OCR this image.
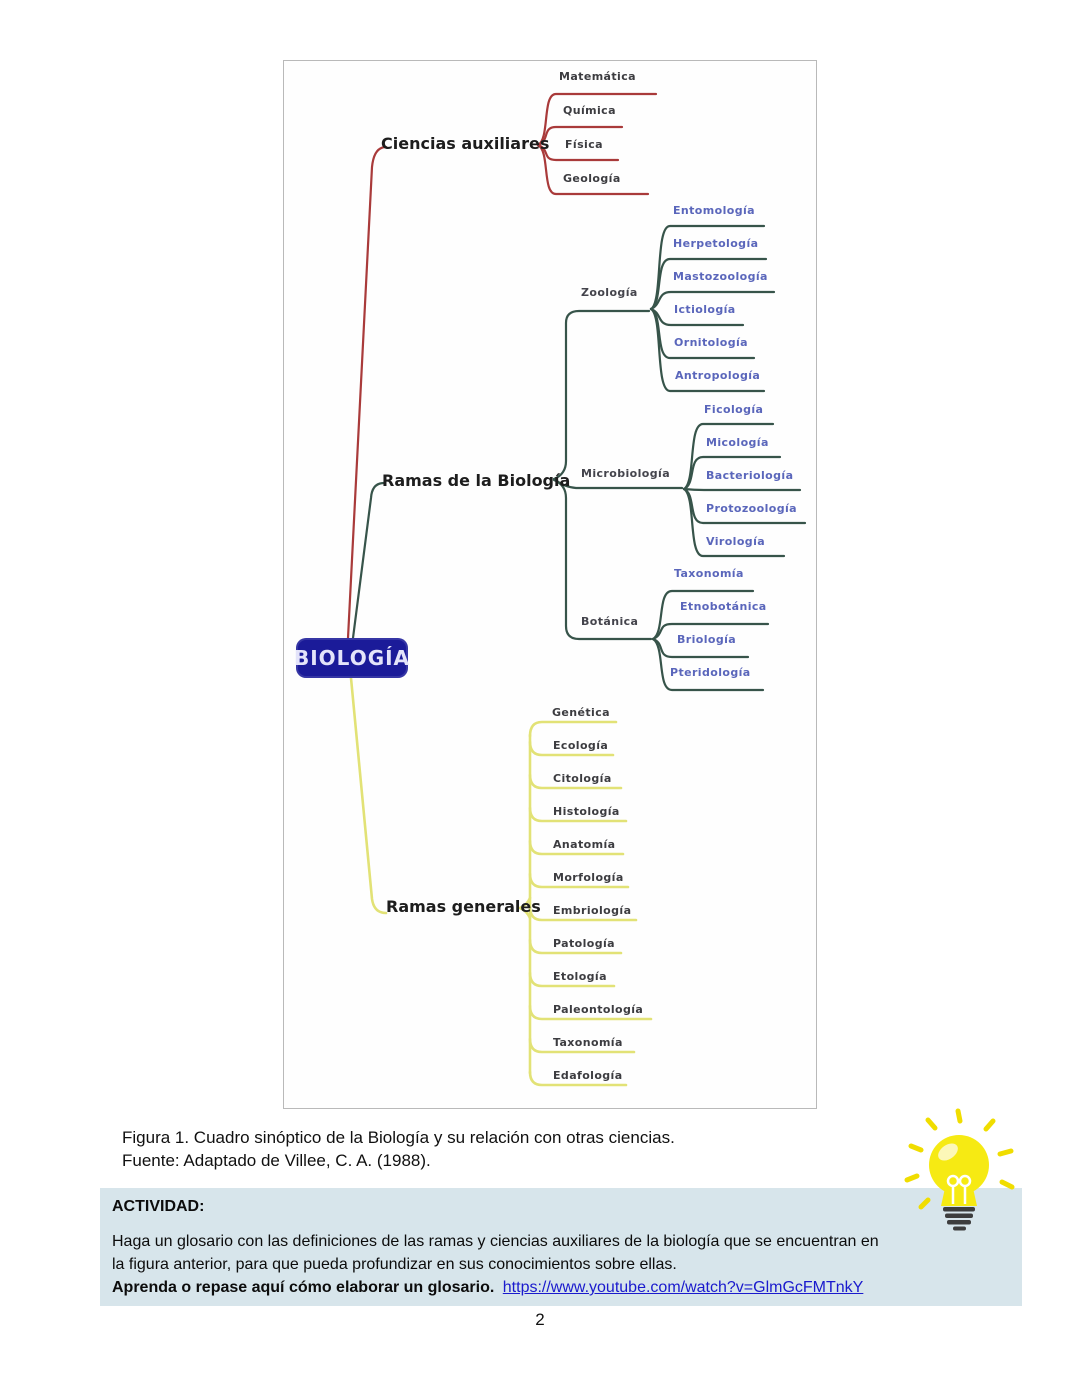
BIOLOGÍA
Ciencias auxiliares
Ramas de la Biología
Ramas generales
Matemática
Química
Física
Geología
Zoología
Entomología
Herpetología
Mastozoología
Ictiología
Ornitología
Antropología
Microbiología
Ficología
Micología
Bacteriología
Protozoología
Virología
Botánica
Taxonomía
Etnobotánica
Briología
Pteridología
Genética
Ecología
Citología
Histología
Anatomía
Morfología
Embriología
Patología
Etología
Paleontología
Taxonomía
Edafología
Figura 1. Cuadro sinóptico de la Biología y su relación con otras ciencias.
Fuente: Adaptado de Villee, C. A. (1988).
ACTIVIDAD:
Haga un glosario con las definiciones de las ramas y ciencias auxiliares de la biología que se encuentran en
la figura anterior, para que pueda profundizar en sus conocimientos sobre ellas.
Aprenda o repase aquí cómo elaborar un glosario. https://www.youtube.com/watch?v=GlmGcFMTnkY
2
